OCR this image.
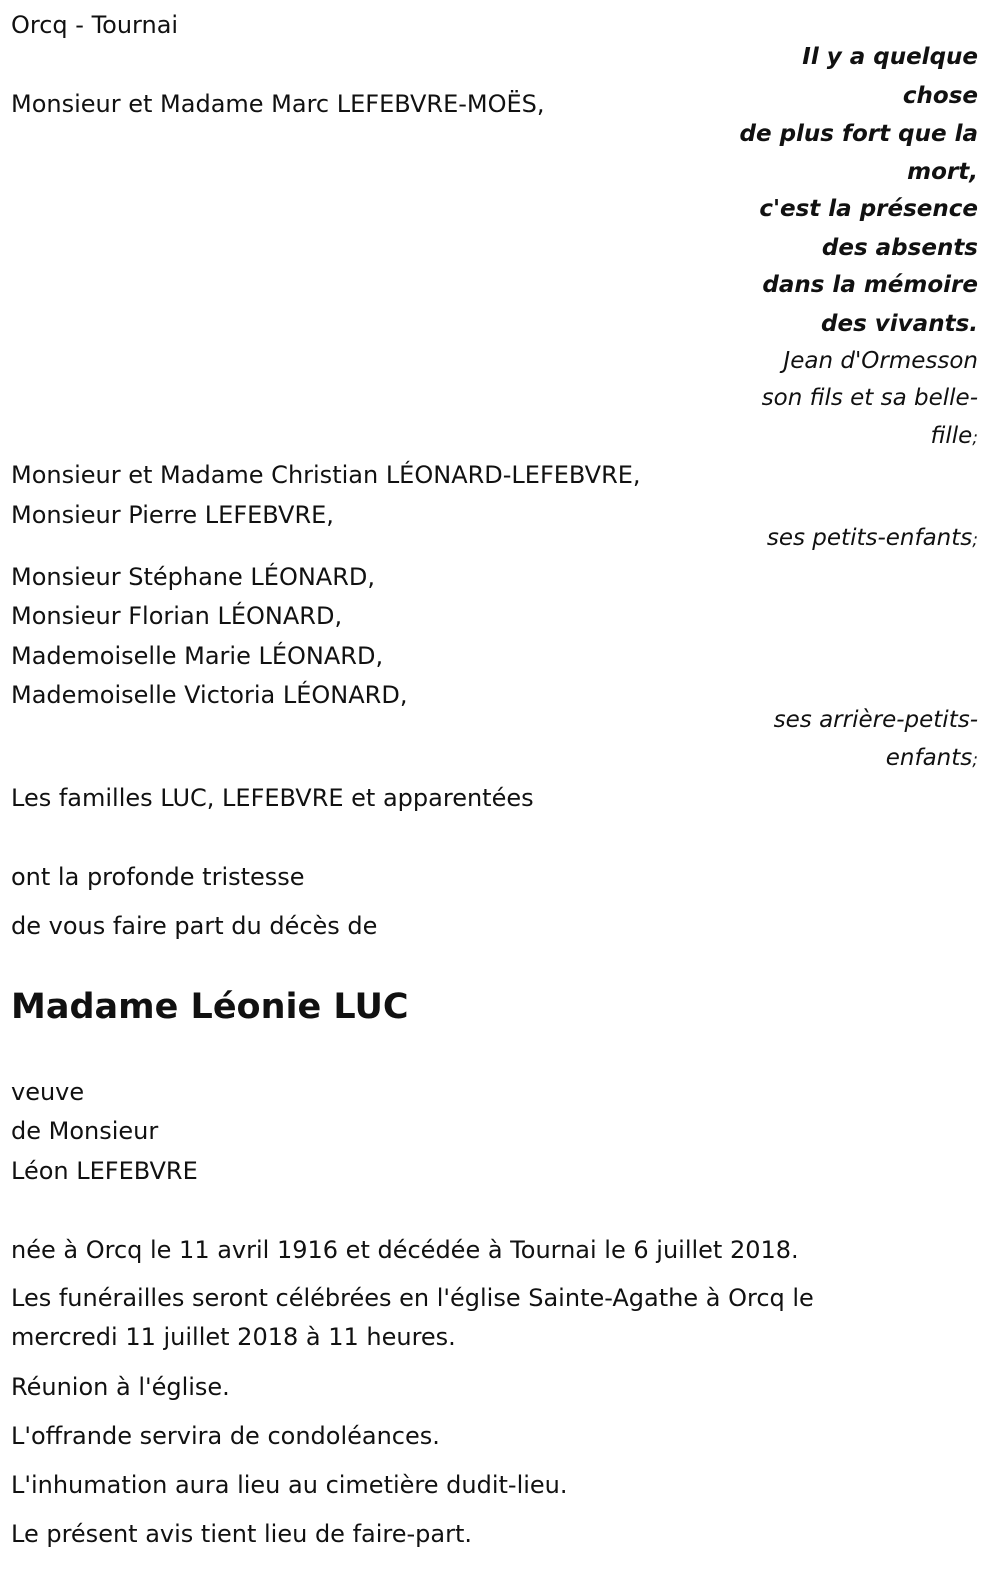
Orcq - Tournai
Il y a quelque
chose
de plus fort que la
mort,
c'est la présence
des absents
dans la mémoire
des vivants.
Jean d'Ormesson
Monsieur et Madame Marc LEFEBVRE-MOËS,
son fils et sa belle-
fille;
Monsieur et Madame Christian LÉONARD-LEFEBVRE,
Monsieur Pierre LEFEBVRE,
ses petits-enfants;
Monsieur Stéphane LÉONARD,
Monsieur Florian LÉONARD,
Mademoiselle Marie LÉONARD,
Mademoiselle Victoria LÉONARD,
ses arrière-petits-
enfants;
Les familles LUC, LEFEBVRE et apparentées
ont la profonde tristesse
de vous faire part du décès de
Madame Léonie LUC
veuve
de Monsieur
Léon LEFEBVRE
née à Orcq le 11 avril 1916 et décédée à Tournai le 6 juillet 2018.
Les funérailles seront célébrées en l'église Sainte-Agathe à Orcq le
mercredi 11 juillet 2018 à 11 heures.
Réunion à l'église.
L'offrande servira de condoléances.
L'inhumation aura lieu au cimetière dudit-lieu.
Le présent avis tient lieu de faire-part.
